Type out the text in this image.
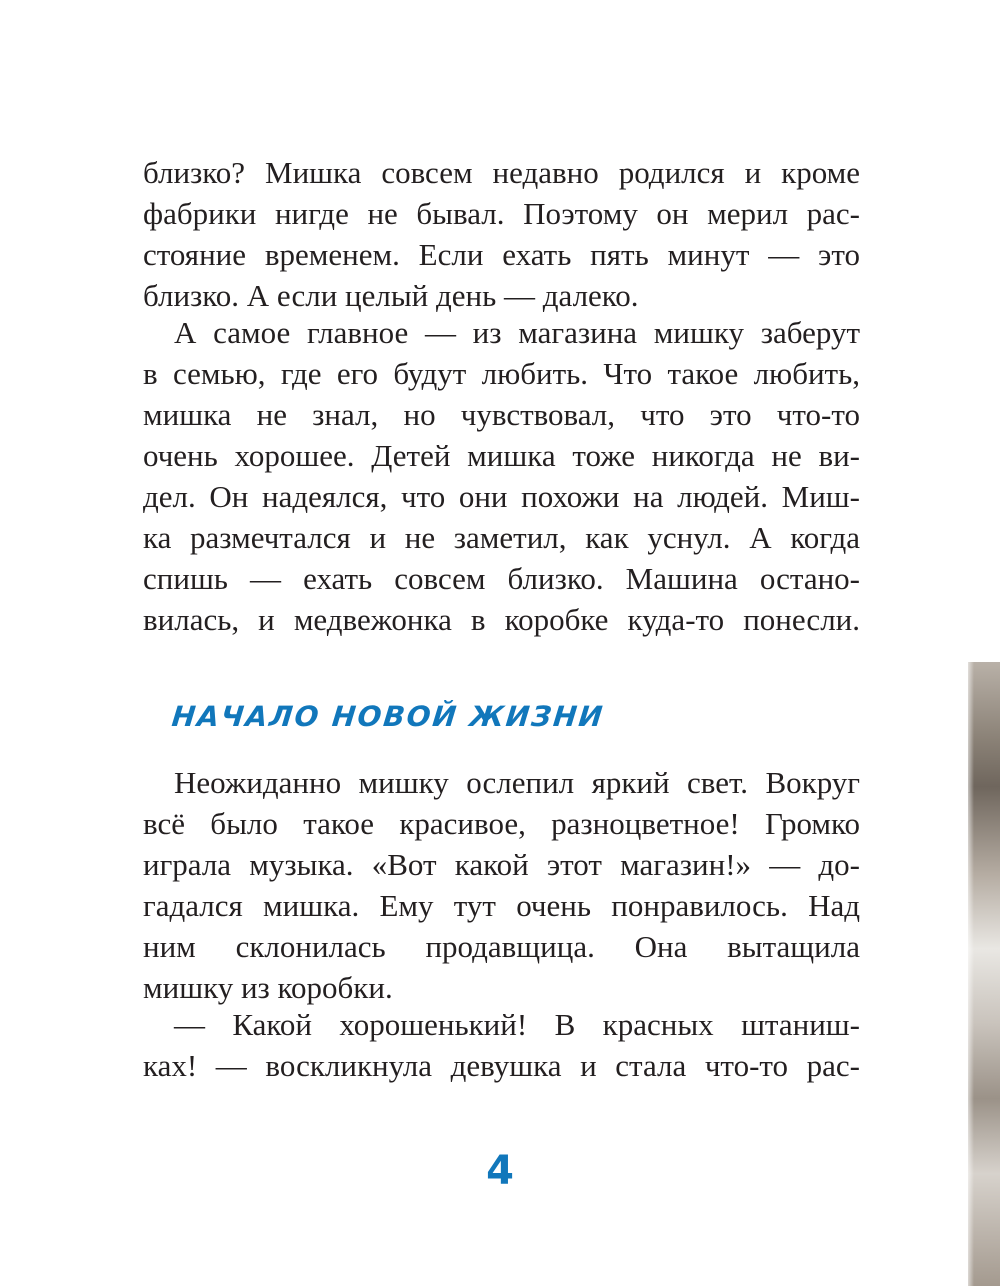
близко? Мишка совсем недавно родился и кроме
фабрики нигде не бывал. Поэтому он мерил рас-
стояние временем. Если ехать пять минут — это
близко. А если целый день — далеко.
А самое главное — из магазина мишку заберут
в семью, где его будут любить. Что такое любить,
мишка не знал, но чувствовал, что это что-то
очень хорошее. Детей мишка тоже никогда не ви-
дел. Он надеялся, что они похожи на людей. Миш-
ка размечтался и не заметил, как уснул. А когда
спишь — ехать совсем близко. Машина остано-
вилась, и медвежонка в коробке куда-то понесли.
НАЧАЛО НОВОЙ ЖИЗНИ
Неожиданно мишку ослепил яркий свет. Вокруг
всё было такое красивое, разноцветное! Громко
играла музыка. «Вот какой этот магазин!» — до-
гадался мишка. Ему тут очень понравилось. Над
ним склонилась продавщица. Она вытащила
мишку из коробки.
— Какой хорошенький! В красных штаниш-
ках! — воскликнула девушка и стала что-то рас-
4
